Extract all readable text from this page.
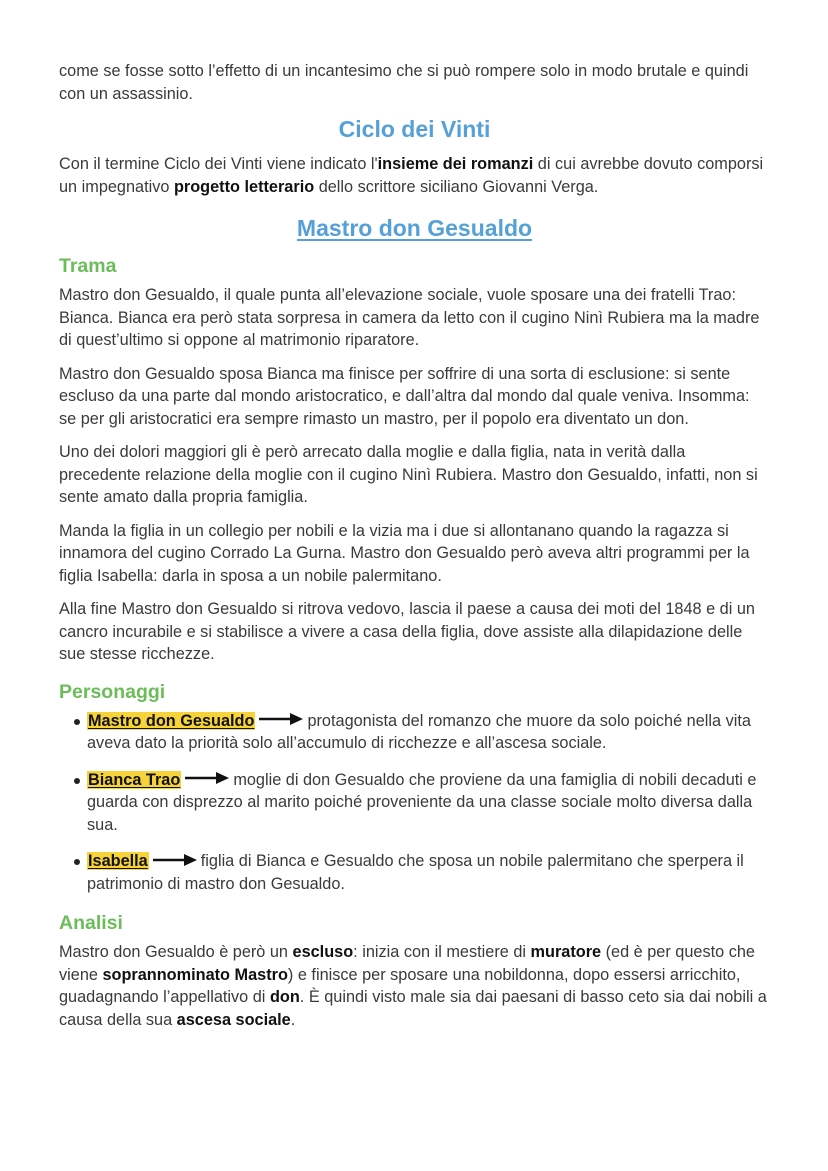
come se fosse sotto l’effetto di un incantesimo che si può rompere solo in modo brutale e quindi con un assassinio.

Ciclo dei Vinti

Con il termine Ciclo dei Vinti viene indicato l'insieme dei romanzi di cui avrebbe dovuto comporsi un impegnativo progetto letterario dello scrittore siciliano Giovanni Verga.

Mastro don Gesualdo
Trama

Mastro don Gesualdo, il quale punta all’elevazione sociale, vuole sposare una dei fratelli Trao: Bianca. Bianca era però stata sorpresa in camera da letto con il cugino Ninì Rubiera ma la madre di quest’ultimo si oppone al matrimonio riparatore.

Mastro don Gesualdo sposa Bianca ma finisce per soffrire di una sorta di esclusione: si sente escluso da una parte dal mondo aristocratico, e dall’altra dal mondo dal quale veniva. Insomma: se per gli aristocratici era sempre rimasto un mastro, per il popolo era diventato un don.

Uno dei dolori maggiori gli è però arrecato dalla moglie e dalla figlia, nata in verità dalla precedente relazione della moglie con il cugino Ninì Rubiera. Mastro don Gesualdo, infatti, non si sente amato dalla propria famiglia.

Manda la figlia in un collegio per nobili e la vizia ma i due si allontanano quando la ragazza si innamora del cugino Corrado La Gurna. Mastro don Gesualdo però aveva altri programmi per la figlia Isabella: darla in sposa a un nobile palermitano.

Alla fine Mastro don Gesualdo si ritrova vedovo, lascia il paese a causa dei moti del 1848 e di un cancro incurabile e si stabilisce a vivere a casa della figlia, dove assiste alla dilapidazione delle sue stesse ricchezze.

Personaggi
Mastro don Gesualdo	protagonista del romanzo che muore da solo poiché nella vita aveva dato la priorità solo all’accumulo di ricchezze e all’ascesa sociale.
Bianca Trao	moglie di don Gesualdo che proviene da una famiglia di nobili decaduti e guarda con disprezzo al marito poiché proveniente da una classe sociale molto diversa dalla sua.
Isabella	figlia di Bianca e Gesualdo che sposa un nobile palermitano che sperpera il patrimonio di mastro don Gesualdo.
Analisi

Mastro don Gesualdo è però un escluso: inizia con il mestiere di muratore (ed è per questo che viene soprannominato Mastro) e finisce per sposare una nobildonna, dopo essersi arricchito, guadagnando l’appellativo di don. È quindi visto male sia dai paesani di basso ceto sia dai nobili a causa della sua ascesa sociale.
